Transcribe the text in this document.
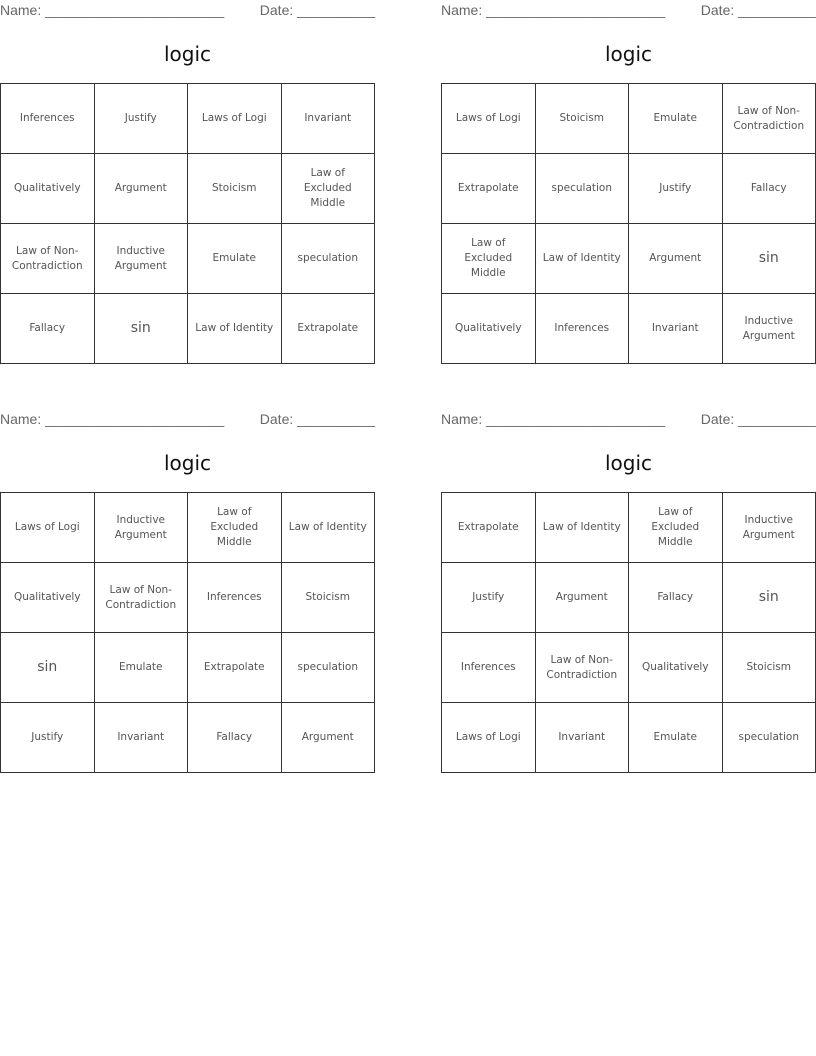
Name: _______________________	Date: __________
logic
Inferences	Justify	Laws of Logi	Invariant
Qualitatively	Argument	Stoicism	Law of Excluded Middle
Law of Non-Contradiction	Inductive Argument	Emulate	speculation
Fallacy	sin	Law of Identity	Extrapolate
Name: _______________________	Date: __________
logic
Laws of Logi	Stoicism	Emulate	Law of Non-Contradiction
Extrapolate	speculation	Justify	Fallacy
Law of Excluded Middle	Law of Identity	Argument	sin
Qualitatively	Inferences	Invariant	Inductive Argument
Name: _______________________	Date: __________
logic
Laws of Logi	Inductive Argument	Law of Excluded Middle	Law of Identity
Qualitatively	Law of Non-Contradiction	Inferences	Stoicism
sin	Emulate	Extrapolate	speculation
Justify	Invariant	Fallacy	Argument
Name: _______________________	Date: __________
logic
Extrapolate	Law of Identity	Law of Excluded Middle	Inductive Argument
Justify	Argument	Fallacy	sin
Inferences	Law of Non-Contradiction	Qualitatively	Stoicism
Laws of Logi	Invariant	Emulate	speculation
